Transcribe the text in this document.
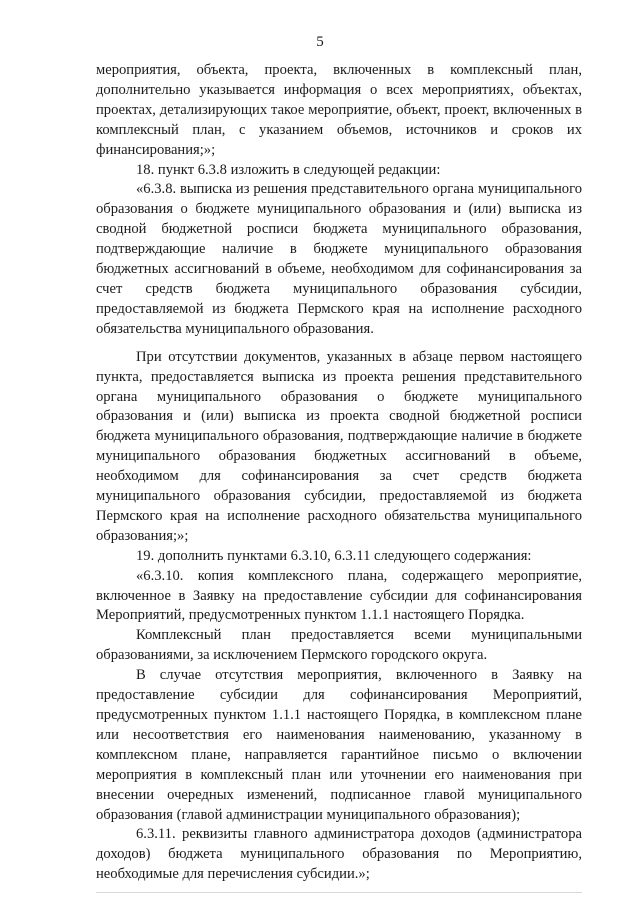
5

мероприятия, объекта, проекта, включенных в комплексный план, дополнительно указывается информация о всех мероприятиях, объектах, проектах, детализирующих такое мероприятие, объект, проект, включенных в комплексный план, с указанием объемов, источников и сроков их финансирования;»;

18. пункт 6.3.8 изложить в следующей редакции:

«6.3.8. выписка из решения представительного органа муниципального образования о бюджете муниципального образования и (или) выписка из сводной бюджетной росписи бюджета муниципального образования, подтверждающие наличие в бюджете муниципального образования бюджетных ассигнований в объеме, необходимом для софинансирования за счет средств бюджета муниципального образования субсидии, предоставляемой из бюджета Пермского края на исполнение расходного обязательства муниципального образования.

При отсутствии документов, указанных в абзаце первом настоящего пункта, предоставляется выписка из проекта решения представительного органа муниципального образования о бюджете муниципального образования и (или) выписка из проекта сводной бюджетной росписи бюджета муниципального образования, подтверждающие наличие в бюджете муниципального образования бюджетных ассигнований в объеме, необходимом для софинансирования за счет средств бюджета муниципального образования субсидии, предоставляемой из бюджета Пермского края на исполнение расходного обязательства муниципального образования;»;

19. дополнить пунктами 6.3.10, 6.3.11 следующего содержания:

«6.3.10. копия комплексного плана, содержащего мероприятие, включенное в Заявку на предоставление субсидии для софинансирования Мероприятий, предусмотренных пунктом 1.1.1 настоящего Порядка.

Комплексный план предоставляется всеми муниципальными образованиями, за исключением Пермского городского округа.

В случае отсутствия мероприятия, включенного в Заявку на предоставление субсидии для софинансирования Мероприятий, предусмотренных пунктом 1.1.1 настоящего Порядка, в комплексном плане или несоответствия его наименования наименованию, указанному в комплексном плане, направляется гарантийное письмо о включении мероприятия в комплексный план или уточнении его наименования при внесении очередных изменений, подписанное главой муниципального образования (главой администрации муниципального образования);

6.3.11. реквизиты главного администратора доходов (администратора доходов) бюджета муниципального образования по Мероприятию, необходимые для перечисления субсидии.»;
